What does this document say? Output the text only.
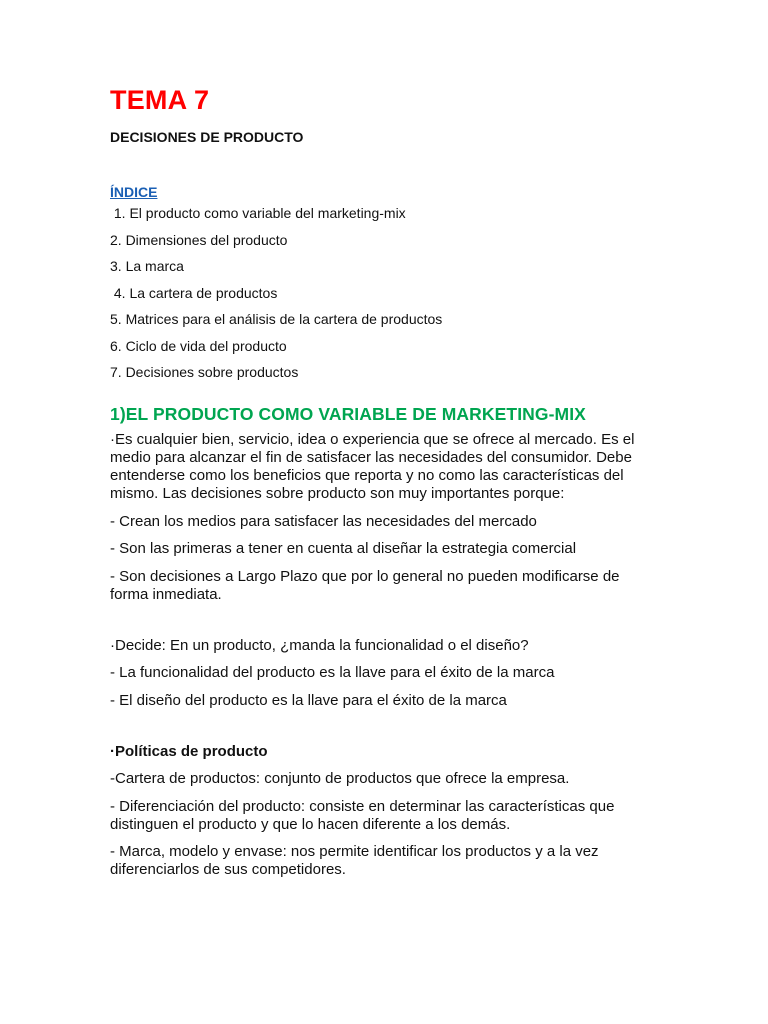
TEMA 7
DECISIONES DE PRODUCTO
ÍNDICE
1. El producto como variable del marketing-mix
2. Dimensiones del producto
3. La marca
4. La cartera de productos
5. Matrices para el análisis de la cartera de productos
6. Ciclo de vida del producto
7. Decisiones sobre productos
1)EL PRODUCTO COMO VARIABLE DE MARKETING-MIX

·Es cualquier bien, servicio, idea o experiencia que se ofrece al mercado. Es el medio para alcanzar el fin de satisfacer las necesidades del consumidor. Debe entenderse como los beneficios que reporta y no como las características del mismo. Las decisiones sobre producto son muy importantes porque:

- Crean los medios para satisfacer las necesidades del mercado

- Son las primeras a tener en cuenta al diseñar la estrategia comercial

- Son decisiones a Largo Plazo que por lo general no pueden modificarse de forma inmediata.

·Decide: En un producto, ¿manda la funcionalidad o el diseño?

- La funcionalidad del producto es la llave para el éxito de la marca

- El diseño del producto es la llave para el éxito de la marca

·Políticas de producto

-Cartera de productos: conjunto de productos que ofrece la empresa.

- Diferenciación del producto: consiste en determinar las características que distinguen el producto y que lo hacen diferente a los demás.

- Marca, modelo y envase: nos permite identificar los productos y a la vez diferenciarlos de sus competidores.
